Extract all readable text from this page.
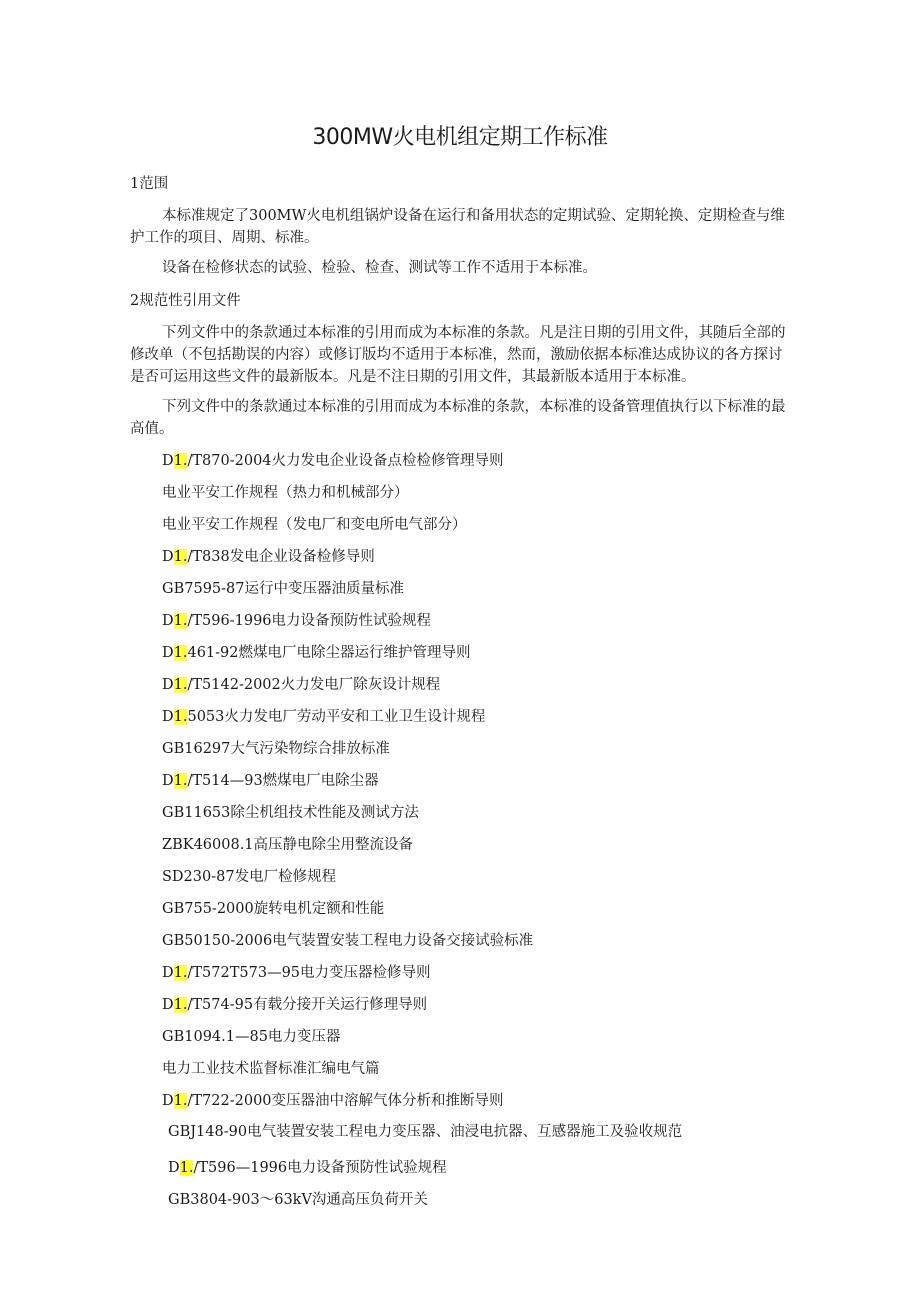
300MW火电机组定期工作标准
1范围
本标准规定了300MW火电机组锅炉设备在运行和备用状态的定期试验、定期轮换、定期检查与维护工作的项目、周期、标准。
设备在检修状态的试验、检验、检查、测试等工作不适用于本标准。
2规范性引用文件
下列文件中的条款通过本标准的引用而成为本标准的条款。凡是注日期的引用文件，其随后全部的修改单（不包括勘误的内容）或修订版均不适用于本标准，然而，激励依据本标准达成协议的各方探讨是否可运用这些文件的最新版本。凡是不注日期的引用文件，其最新版本适用于本标准。
下列文件中的条款通过本标准的引用而成为本标准的条款，本标准的设备管理值执行以下标准的最高值。
D1./T870-2004火力发电企业设备点检检修管理导则
电业平安工作规程（热力和机械部分）
电业平安工作规程（发电厂和变电所电气部分）
D1./T838发电企业设备检修导则
GB7595-87运行中变压器油质量标准
D1./T596-1996电力设备预防性试验规程
D1.461-92燃煤电厂电除尘器运行维护管理导则
D1./T5142-2002火力发电厂除灰设计规程
D1.5053火力发电厂劳动平安和工业卫生设计规程
GB16297大气污染物综合排放标准
D1./T514—93燃煤电厂电除尘器
GB11653除尘机组技术性能及测试方法
ZBK46008.1高压静电除尘用整流设备
SD230-87发电厂检修规程
GB755-2000旋转电机定额和性能
GB50150-2006电气装置安装工程电力设备交接试验标准
D1./T572T573—95电力变压器检修导则
D1./T574-95有载分接开关运行修理导则
GB1094.1—85电力变压器
电力工业技术监督标准汇编电气篇
D1./T722-2000变压器油中溶解气体分析和推断导则
GBJ148-90电气装置安装工程电力变压器、油浸电抗器、互感器施工及验收规范
D1./T596—1996电力设备预防性试验规程
GB3804-903～63kV沟通高压负荷开关
